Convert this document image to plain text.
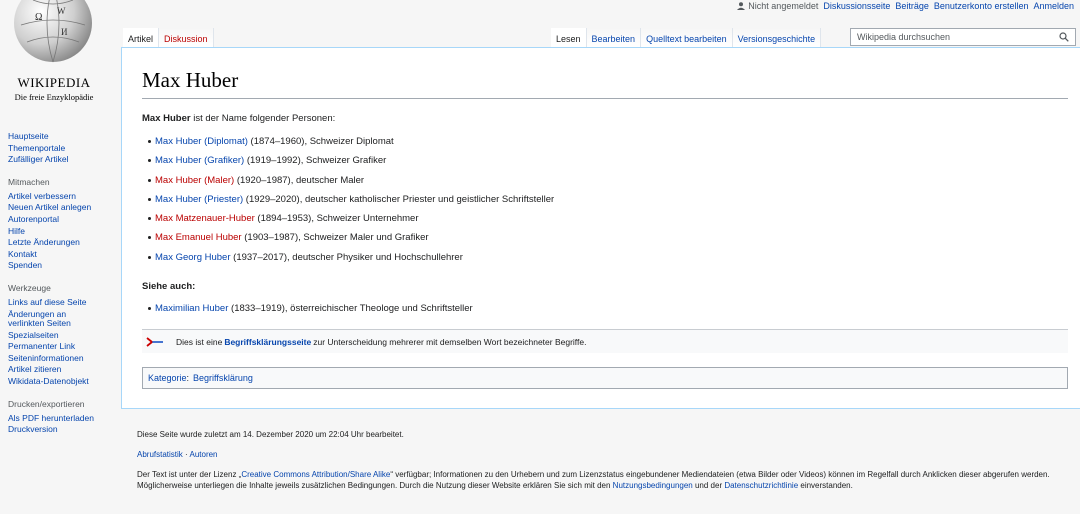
Nicht angemeldet Diskussionsseite Beiträge Benutzerkonto erstellen Anmelden
Ω
W
И
WIKIPEDIA
Die freie Enzyklopädie
Hauptseite
Themenportale
Zufälliger Artikel
Mitmachen
Artikel verbessern
Neuen Artikel anlegen
Autorenportal
Hilfe
Letzte Änderungen
Kontakt
Spenden
Werkzeuge
Links auf diese Seite
Änderungen an verlinkten Seiten
Spezialseiten
Permanenter Link
Seiteninformationen
Artikel zitieren
Wikidata-Datenobjekt
Drucken/exportieren
Als PDF herunterladen
Druckversion
Artikel	Diskussion	Lesen	Bearbeiten	Quelltext bearbeiten	Versionsgeschichte	Wikipedia durchsuchen
Max Huber

Max Huber ist der Name folgender Personen:

Max Huber (Diplomat) (1874–1960), Schweizer Diplomat
Max Huber (Grafiker) (1919–1992), Schweizer Grafiker
Max Huber (Maler) (1920–1987), deutscher Maler
Max Huber (Priester) (1929–2020), deutscher katholischer Priester und geistlicher Schriftsteller
Max Matzenauer-Huber (1894–1953), Schweizer Unternehmer
Max Emanuel Huber (1903–1987), Schweizer Maler und Grafiker
Max Georg Huber (1937–2017), deutscher Physiker und Hochschullehrer
Siehe auch:
Maximilian Huber (1833–1919), österreichischer Theologe und Schriftsteller
Dies ist eine Begriffsklärungsseite zur Unterscheidung mehrerer mit demselben Wort bezeichneter Begriffe.
Kategorie : Begriffsklärung

Diese Seite wurde zuletzt am 14. Dezember 2020 um 22:04 Uhr bearbeitet.

Abrufstatistik · Autoren

Der Text ist unter der Lizenz „Creative Commons Attribution/Share Alike“ verfügbar; Informationen zu den Urhebern und zum Lizenzstatus eingebundener Mediendateien (etwa Bilder oder Videos) können im Regelfall durch Anklicken dieser abgerufen werden. Möglicherweise unterliegen die Inhalte jeweils zusätzlichen Bedingungen. Durch die Nutzung dieser Website erklären Sie sich mit den Nutzungsbedingungen und der Datenschutzrichtlinie einverstanden.
